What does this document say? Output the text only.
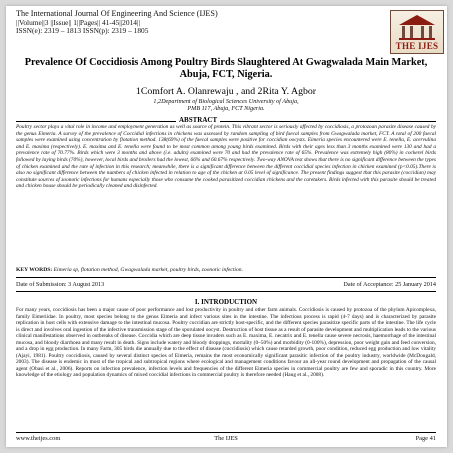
The International Journal Of Engineering And Science (IJES)
||Volume||3 ||Issue|| 1||Pages|| 41-45||2014||
ISSN(e): 2319 – 1813 ISSN(p): 2319 – 1805
THE IJES
Prevalence Of Coccidiosis Among Poultry Birds Slaughtered At Gwagwalada Main Market, Abuja, FCT, Nigeria.
1Comfort A. Olanrewaju , and 2Rita Y. Agbor
1,2Department of Biological Sciences University of Abuja,
PMB 117, Abuja, FCT Nigeria.
ABSTRACT
Poultry sector plays a vital role in income and employment generation as well as source of protein. This vibrant sector is seriously affected by coccidiosis, a protozoan parasite disease caused by the genus Eimeria. A survey of the prevalence of Coccidial infections in chickens was assessed by random sampling of bird faecal samples from Gwagwalada market, FCT. A total of 200 faecal samples were examined using concentration by flotation method. 138(69%) of the faecal samples were positive for coccidian oocysts. Eimeria species encountered were E. tenella, E. acervulina and E. maxima (respectively). E. maxima and E. tenella were found to be most common among young birds examined. Birds with their ages less than 3 months examined were 130 and had a prevalence rate of 70.77%. Birds which were 3 months and above (i.e. adults) examined were 70 and had the prevalence rate of 65%. Prevalence was extremely high (80%) in cockerel birds followed by laying birds (70%), however, local birds and broilers had the lowest, 66% and 60.67% respectively. Two-way ANOVA test shows that there is no significant difference between the types of chicken examined and the rate of infection in this research; meanwhile, there is a significant difference between the different coccidial species infection in chicken examined (p<0.05).There is also no significant difference between the numbers of chicken infected in relation to age of the chicken at 0.05 level of significance. The present findings suggest that this parasite (coccidian) may constitute sources of zoonotic infections for humans especially those who consume the cooked parasitized coccidian chickens and the caretakers. Birds infected with this parasite should be treated and chicken house should be periodically cleaned and disinfected.
KEY WORDS: Eimeria sp, flotation method, Gwagwalada market, poultry birds, zoonotic infection.
Date of Submission: 3 August 2013	Date of Acceptance: 25 January 2014
I. INTRODUCTION
For many years, coccidiosis has been a major cause of poor performance and lost productivity in poultry and other farm animals. Coccidiosis is caused by protozoa of the phylum Apicomplexa, family Eimeriidae. In poultry, most species belong to the genus Eimeria and infect various sites in the intestine. The infectious process is rapid (4-7 days) and is characterized by parasite replication in host cells with extensive damage to the intestinal mucosa. Poultry coccidian are strictly host-specific, and the different species parasitize specific parts of the intestine. The life cycle is direct and involves oral ingestion of the infective transmission stage of the sporulated oocyst. Destruction of host tissue as a result of parasite development and multiplication leads to the various clinical manifestations observed in outbreaks of disease. Coccidia which are deep tissue invaders such as E. maxima, E. necatrix and E. tenella cause severe necrosis, haemorrhage of the intestinal mucosa, and bloody diarrhoea and many result in death. Signs include watery and bloody droppings, mortality (0–50%) and morbidity (0-100%), depression, poor weight gain and feed conversion, and a drop in egg production. In many Farm, 305 birds die annually due to the effect of disease (coccidiosis) which cause retarded growth, poor condition, reduced egg production and low vitality (Ajayi, 1981). Poultry coccidiosis, caused by several distinct species of Eimeria, remains the most economically significant parasitic infection of the poultry industry, worldwide (McDougald, 2003). The disease is endemic in most of the tropical and subtropical regions where ecological and management conditions favour an all-year round development and propagation of the causal agent (Obasi et al., 2006). Reports on infection prevalence, infection levels and frequencies of the different Eimeria species in commercial poultry are few and sporadic in this country. More knowledge of the etiology and population dynamics of mixed coccidial infections in commercial poultry is therefore needed (Haug et al., 2008).
www.theijes.com	The IJES	Page 41
